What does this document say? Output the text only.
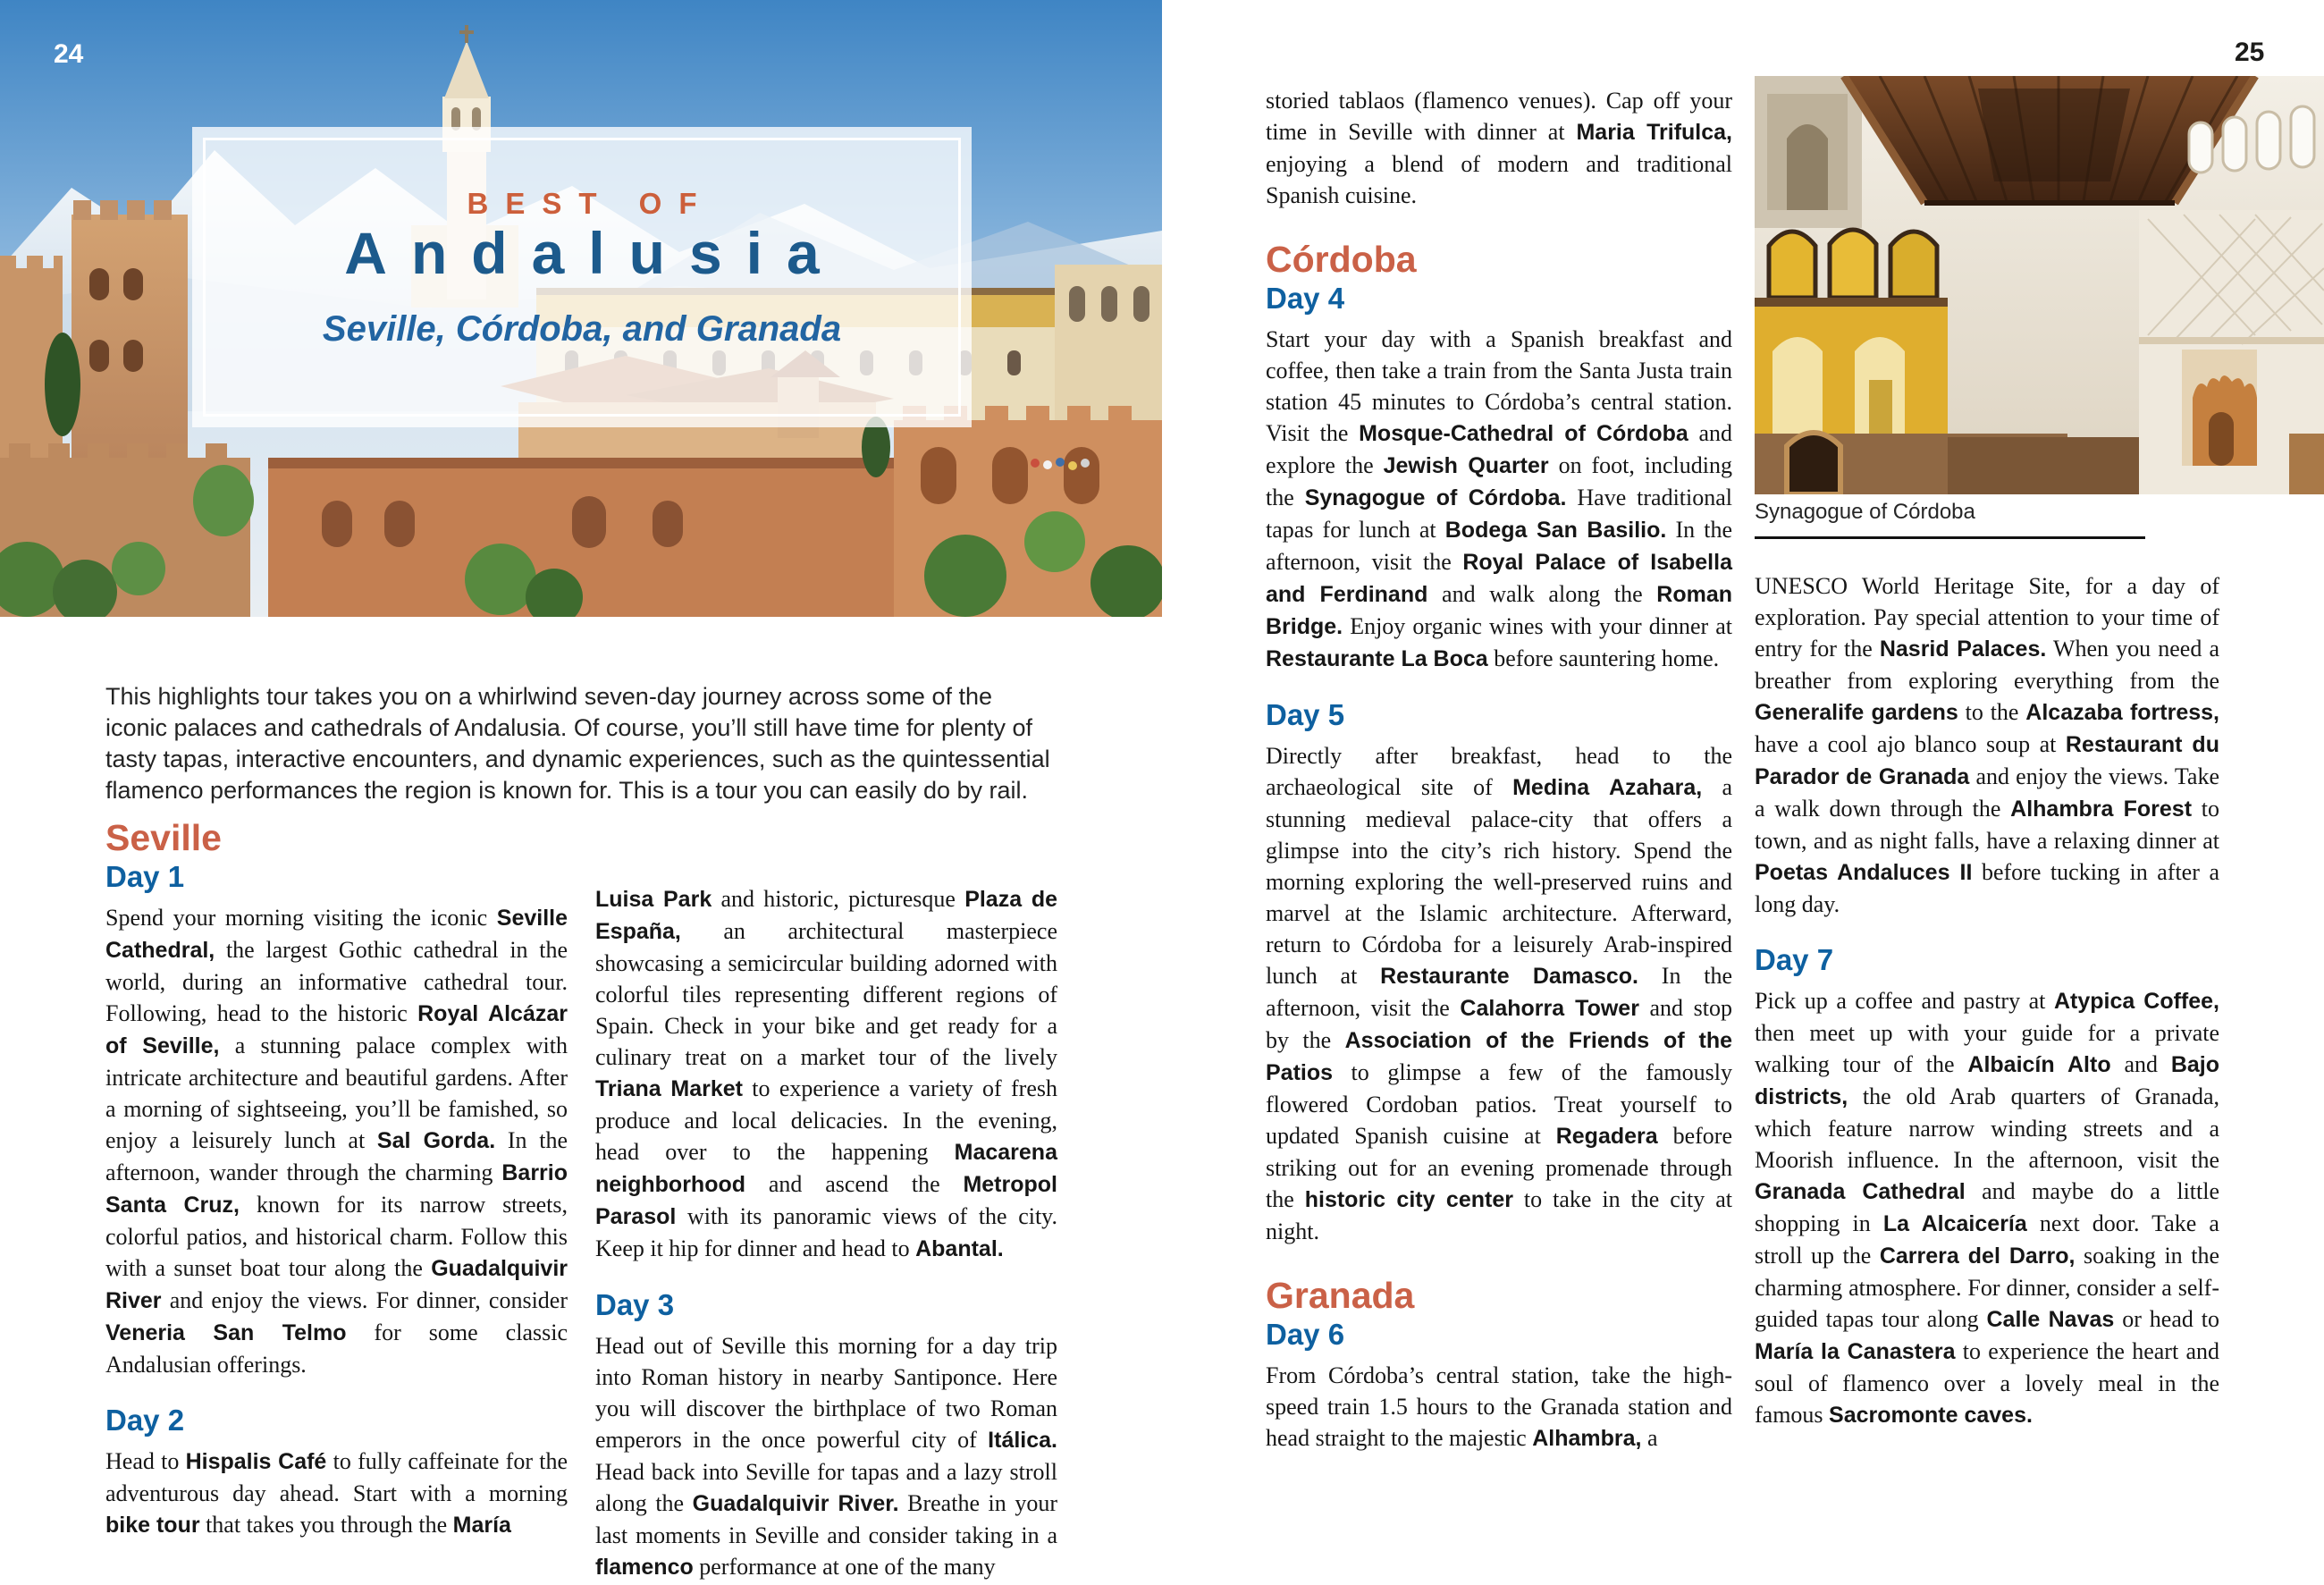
BEST OF
Andalusia
Seville, Córdoba, and Granada
24	25
This highlights tour takes you on a whirlwind seven-day journey across some of the iconic palaces and cathedrals of Andalusia. Of course, you’ll still have time for plenty of tasty tapas, interactive encounters, and dynamic experiences, such as the quintessential flamenco performances the region is known for. This is a tour you can easily do by rail.
Seville
Day 1

Spend your morning visiting the iconic Seville Cathedral, the largest Gothic cathedral in the world, during an informative cathedral tour. Following, head to the historic Royal Alcázar of Seville, a stunning palace complex with intricate architecture and beautiful gardens. After a morning of sightseeing, you’ll be famished, so enjoy a leisurely lunch at Sal Gorda. In the afternoon, wander through the charming Barrio Santa Cruz, known for its narrow streets, colorful patios, and historical charm. Follow this with a sunset boat tour along the Guadalquivir River and enjoy the views. For dinner, consider Veneria San Telmo for some classic Andalusian offerings.

Day 2

Head to Hispalis Café to fully caffeinate for the adventurous day ahead. Start with a morning bike tour that takes you through the María

Luisa Park and historic, picturesque Plaza de España, an architectural masterpiece showcasing a semicircular building adorned with colorful tiles representing different regions of Spain. Check in your bike and get ready for a culinary treat on a market tour of the lively Triana Market to experience a variety of fresh produce and local delicacies. In the evening, head over to the happening Macarena neighborhood and ascend the Metropol Parasol with its panoramic views of the city. Keep it hip for dinner and head to Abantal.

Day 3

Head out of Seville this morning for a day trip into Roman history in nearby Santiponce. Here you will discover the birthplace of two Roman emperors in the once powerful city of Itálica. Head back into Seville for tapas and a lazy stroll along the Guadalquivir River. Breathe in your last moments in Seville and consider taking in a flamenco performance at one of the many

storied tablaos (flamenco venues). Cap off your time in Seville with dinner at Maria Trifulca, enjoying a blend of modern and traditional Spanish cuisine.

Córdoba
Day 4

Start your day with a Spanish breakfast and coffee, then take a train from the Santa Justa train station 45 minutes to Córdoba’s central station. Visit the Mosque-Cathedral of Córdoba and explore the Jewish Quarter on foot, including the Synagogue of Córdoba. Have traditional tapas for lunch at Bodega San Basilio. In the afternoon, visit the Royal Palace of Isabella and Ferdinand and walk along the Roman Bridge. Enjoy organic wines with your dinner at Restaurante La Boca before sauntering home.

Day 5

Directly after breakfast, head to the archaeological site of Medina Azahara, a stunning medieval palace-city that offers a glimpse into the city’s rich history. Spend the morning exploring the well-preserved ruins and marvel at the Islamic architecture. Afterward, return to Córdoba for a leisurely Arab-inspired lunch at Restaurante Damasco. In the afternoon, visit the Calahorra Tower and stop by the Association of the Friends of the Patios to glimpse a few of the famously flowered Cordoban patios. Treat yourself to updated Spanish cuisine at Regadera before striking out for an evening promenade through the historic city center to take in the city at night.

Granada
Day 6

From Córdoba’s central station, take the high-speed train 1.5 hours to the Granada station and head straight to the majestic Alhambra, a

UNESCO World Heritage Site, for a day of exploration. Pay special attention to your time of entry for the Nasrid Palaces. When you need a breather from exploring everything from the Generalife gardens to the Alcazaba fortress, have a cool ajo blanco soup at Restaurant du Parador de Granada and enjoy the views. Take a walk down through the Alhambra Forest to town, and as night falls, have a relaxing dinner at Poetas Andaluces II before tucking in after a long day.

Day 7

Pick up a coffee and pastry at Atypica Coffee, then meet up with your guide for a private walking tour of the Albaicín Alto and Bajo districts, the old Arab quarters of Granada, which feature narrow winding streets and a Moorish influence. In the afternoon, visit the Granada Cathedral and maybe do a little shopping in La Alcaicería next door. Take a stroll up the Carrera del Darro, soaking in the charming atmosphere. For dinner, consider a self-guided tapas tour along Calle Navas or head to María la Canastera to experience the heart and soul of flamenco over a lovely meal in the famous Sacromonte caves.

Synagogue of Córdoba
